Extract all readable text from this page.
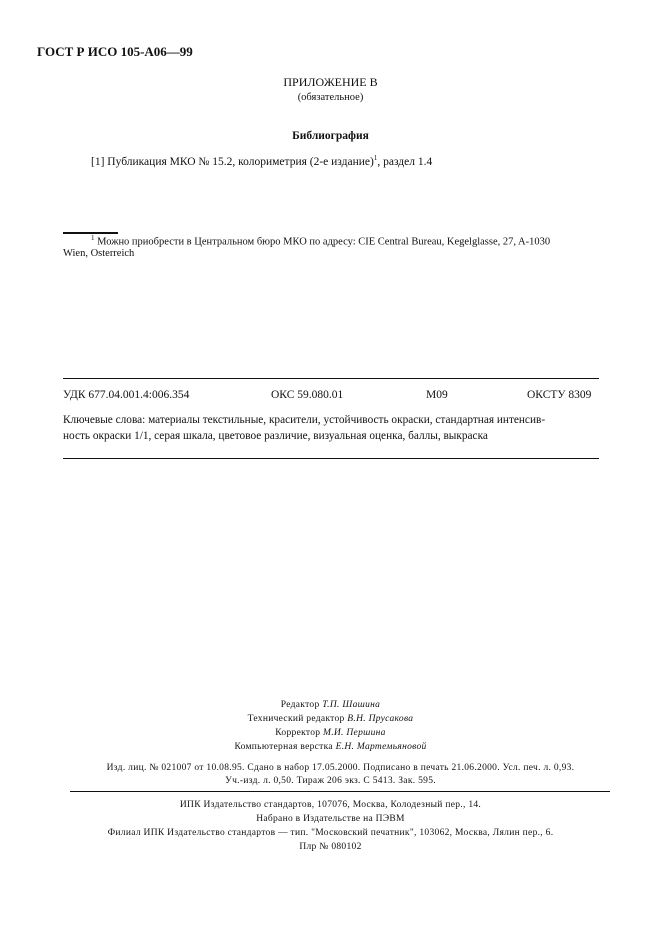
ГОСТ Р ИСО 105-А06—99
ПРИЛОЖЕНИЕ В
(обязательное)
Библиография
[1] Публикация МКО № 15.2, колориметрия (2-е издание)$^1$, раздел 1.4
$^1$ Можно приобрести в Центральном бюро МКО по адресу: CIE Central Bureau, Kegelglasse, 27, A-1030
Wien, Osterreich
УДК 677.04.001.4:006.354	ОКС 59.080.01	М09	ОКСТУ 8309
Ключевые слова: материалы текстильные, красители, устойчивость окраски, стандартная интенсив-
ность окраски 1/1, серая шкала, цветовое различие, визуальная оценка, баллы, выкраска
Редактор Т.П. Шашина
Технический редактор В.Н. Прусакова
Корректор М.И. Першина
Компьютерная верстка Е.Н. Мартемьяновой
Изд. лиц. № 021007 от 10.08.95. Сдано в набор 17.05.2000. Подписано в печать 21.06.2000. Усл. печ. л. 0,93.
Уч.-изд. л. 0,50. Тираж 206 экз. С 5413. Зак. 595.
ИПК Издательство стандартов, 107076, Москва, Колодезный пер., 14.
Набрано в Издательстве на ПЭВМ
Филиал ИПК Издательство стандартов — тип. "Московский печатник", 103062, Москва, Лялин пер., 6.
Плр № 080102
